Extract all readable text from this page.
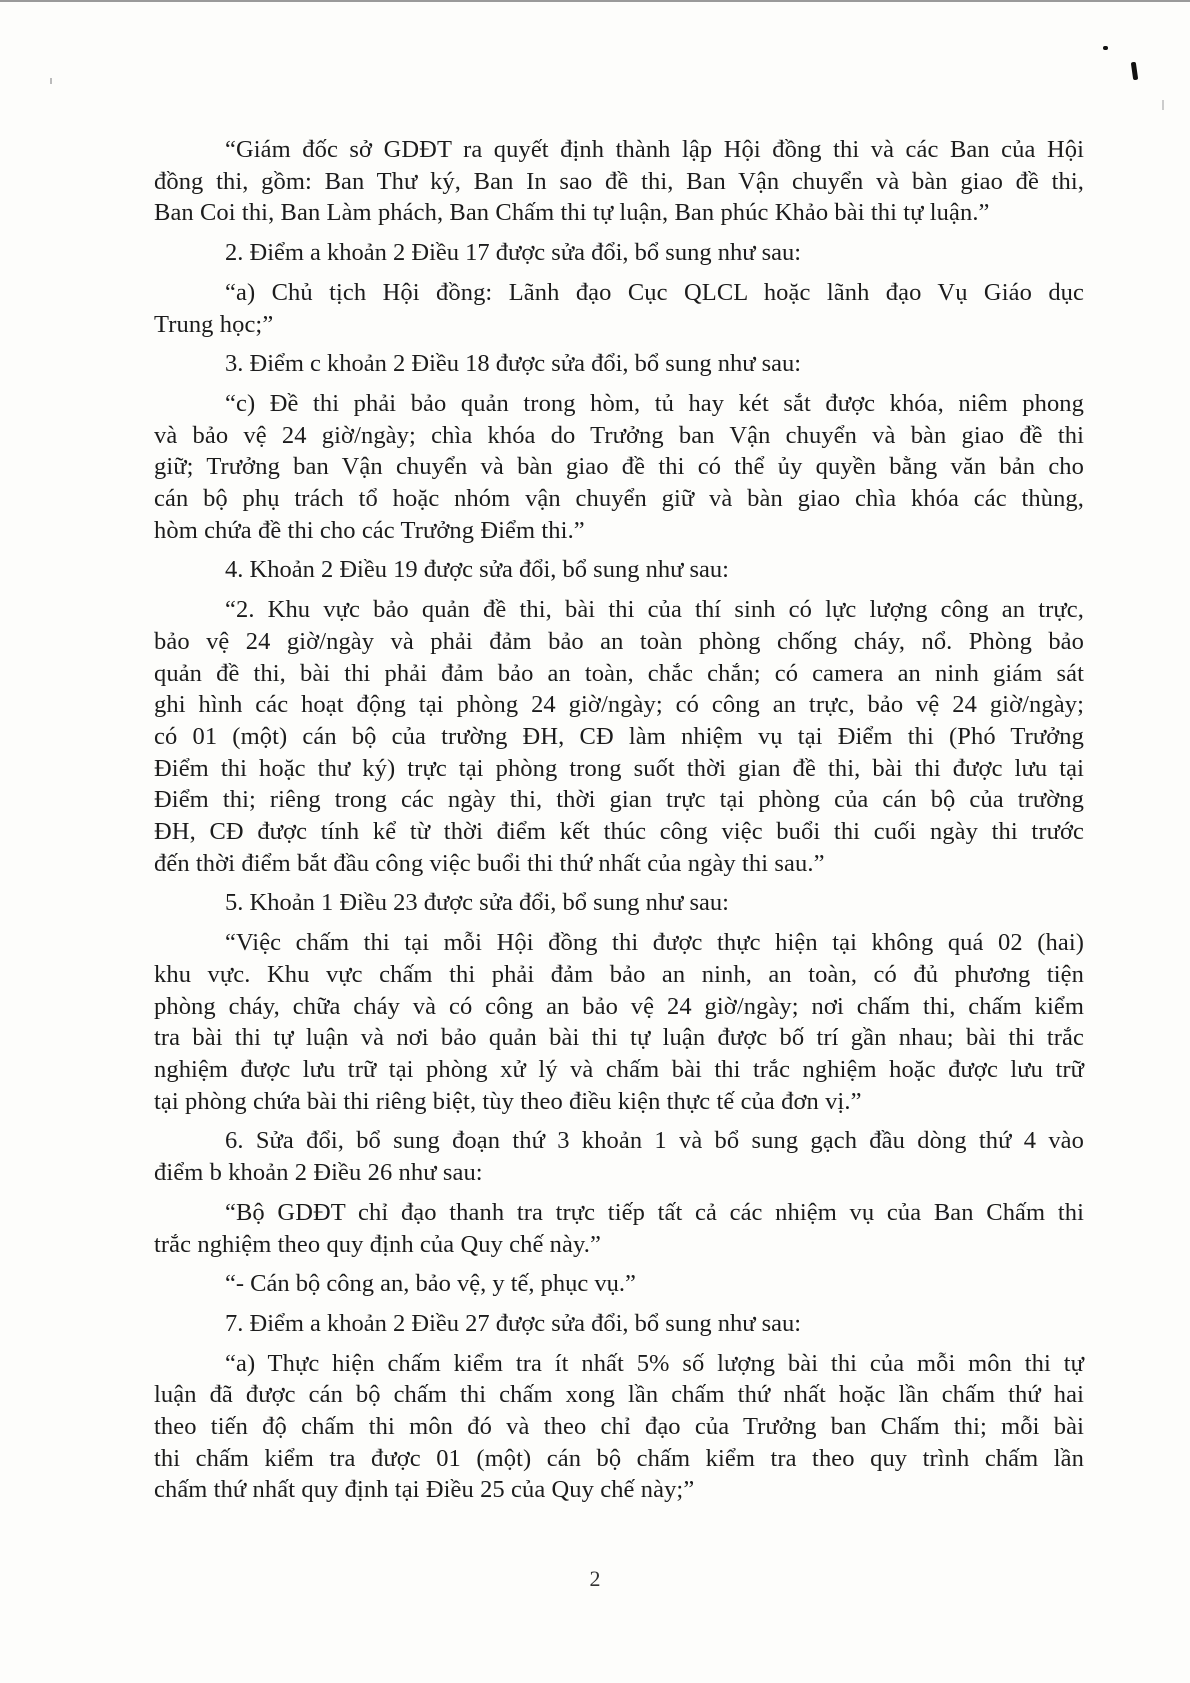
“Giám đốc sở GDĐT ra quyết định thành lập Hội đồng thi và các Ban của Hội
đồng thi, gồm: Ban Thư ký, Ban In sao đề thi, Ban Vận chuyển và bàn giao đề thi,
Ban Coi thi, Ban Làm phách, Ban Chấm thi tự luận, Ban phúc Khảo bài thi tự luận.”

2. Điểm a khoản 2 Điều 17 được sửa đổi, bổ sung như sau:

“a) Chủ tịch Hội đồng: Lãnh đạo Cục QLCL hoặc lãnh đạo Vụ Giáo dục
Trung học;”

3. Điểm c khoản 2 Điều 18 được sửa đổi, bổ sung như sau:

“c) Đề thi phải bảo quản trong hòm, tủ hay két sắt được khóa, niêm phong
và bảo vệ 24 giờ/ngày; chìa khóa do Trưởng ban Vận chuyển và bàn giao đề thi
giữ; Trưởng ban Vận chuyển và bàn giao đề thi có thể ủy quyền bằng văn bản cho
cán bộ phụ trách tổ hoặc nhóm vận chuyển giữ và bàn giao chìa khóa các thùng,
hòm chứa đề thi cho các Trưởng Điểm thi.”

4. Khoản 2 Điều 19 được sửa đổi, bổ sung như sau:

“2. Khu vực bảo quản đề thi, bài thi của thí sinh có lực lượng công an trực,
bảo vệ 24 giờ/ngày và phải đảm bảo an toàn phòng chống cháy, nổ. Phòng bảo
quản đề thi, bài thi phải đảm bảo an toàn, chắc chắn; có camera an ninh giám sát
ghi hình các hoạt động tại phòng 24 giờ/ngày; có công an trực, bảo vệ 24 giờ/ngày;
có 01 (một) cán bộ của trường ĐH, CĐ làm nhiệm vụ tại Điểm thi (Phó Trưởng
Điểm thi hoặc thư ký) trực tại phòng trong suốt thời gian đề thi, bài thi được lưu tại
Điểm thi; riêng trong các ngày thi, thời gian trực tại phòng của cán bộ của trường
ĐH, CĐ được tính kể từ thời điểm kết thúc công việc buổi thi cuối ngày thi trước
đến thời điểm bắt đầu công việc buổi thi thứ nhất của ngày thi sau.”

5. Khoản 1 Điều 23 được sửa đổi, bổ sung như sau:

“Việc chấm thi tại mỗi Hội đồng thi được thực hiện tại không quá 02 (hai)
khu vực. Khu vực chấm thi phải đảm bảo an ninh, an toàn, có đủ phương tiện
phòng cháy, chữa cháy và có công an bảo vệ 24 giờ/ngày; nơi chấm thi, chấm kiểm
tra bài thi tự luận và nơi bảo quản bài thi tự luận được bố trí gần nhau; bài thi trắc
nghiệm được lưu trữ tại phòng xử lý và chấm bài thi trắc nghiệm hoặc được lưu trữ
tại phòng chứa bài thi riêng biệt, tùy theo điều kiện thực tế của đơn vị.”

6. Sửa đổi, bổ sung đoạn thứ 3 khoản 1 và bổ sung gạch đầu dòng thứ 4 vào
điểm b khoản 2 Điều 26 như sau:

“Bộ GDĐT chỉ đạo thanh tra trực tiếp tất cả các nhiệm vụ của Ban Chấm thi
trắc nghiệm theo quy định của Quy chế này.”

“- Cán bộ công an, bảo vệ, y tế, phục vụ.”

7. Điểm a khoản 2 Điều 27 được sửa đổi, bổ sung như sau:

“a) Thực hiện chấm kiểm tra ít nhất 5% số lượng bài thi của mỗi môn thi tự
luận đã được cán bộ chấm thi chấm xong lần chấm thứ nhất hoặc lần chấm thứ hai
theo tiến độ chấm thi môn đó và theo chỉ đạo của Trưởng ban Chấm thi; mỗi bài
thi chấm kiểm tra được 01 (một) cán bộ chấm kiểm tra theo quy trình chấm lần
chấm thứ nhất quy định tại Điều 25 của Quy chế này;”

2
